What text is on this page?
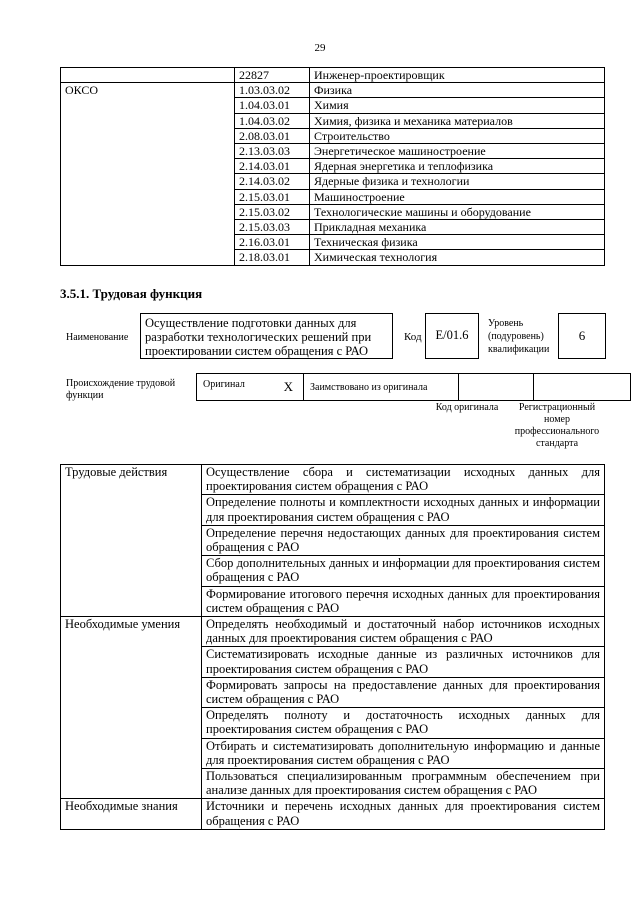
29
	22827	Инженер-проектировщик
ОКСО	1.03.03.02	Физика
	1.04.03.01	Химия
	1.04.03.02	Химия, физика и механика материалов
	2.08.03.01	Строительство
	2.13.03.03	Энергетическое машиностроение
	2.14.03.01	Ядерная энергетика и теплофизика
	2.14.03.02	Ядерные физика и технологии
	2.15.03.01	Машиностроение
	2.15.03.02	Технологические машины и оборудование
	2.15.03.03	Прикладная механика
	2.16.03.01	Техническая физика
	2.18.03.01	Химическая технология
3.5.1. Трудовая функция
Наименование
Осуществление подготовки данных для разработки технологических решений при проектировании систем обращения с РАО
Код	E/01.6
Уровень (подуровень) квалификации
6
Происхождение трудовой функции
Оригинал	X	Заимствовано из оригинала		
Код оригинала	Регистрационный номер профессионального стандарта
Трудовые действия	Осуществление сбора и систематизации исходных данных для проектирования систем обращения с РАО
	Определение полноты и комплектности исходных данных и информации для проектирования систем обращения с РАО
	Определение перечня недостающих данных для проектирования систем обращения с РАО
	Сбор дополнительных данных и информации для проектирования систем обращения с РАО
	Формирование итогового перечня исходных данных для проектирования систем обращения с РАО
Необходимые умения	Определять необходимый и достаточный набор источников исходных данных для проектирования систем обращения с РАО
	Систематизировать исходные данные из различных источников для проектирования систем обращения с РАО
	Формировать запросы на предоставление данных для проектирования систем обращения с РАО
	Определять полноту и достаточность исходных данных для проектирования систем обращения с РАО
	Отбирать и систематизировать дополнительную информацию и данные для проектирования систем обращения с РАО
	Пользоваться специализированным программным обеспечением при анализе данных для проектирования систем обращения с РАО
Необходимые знания	Источники и перечень исходных данных для проектирования систем обращения с РАО
